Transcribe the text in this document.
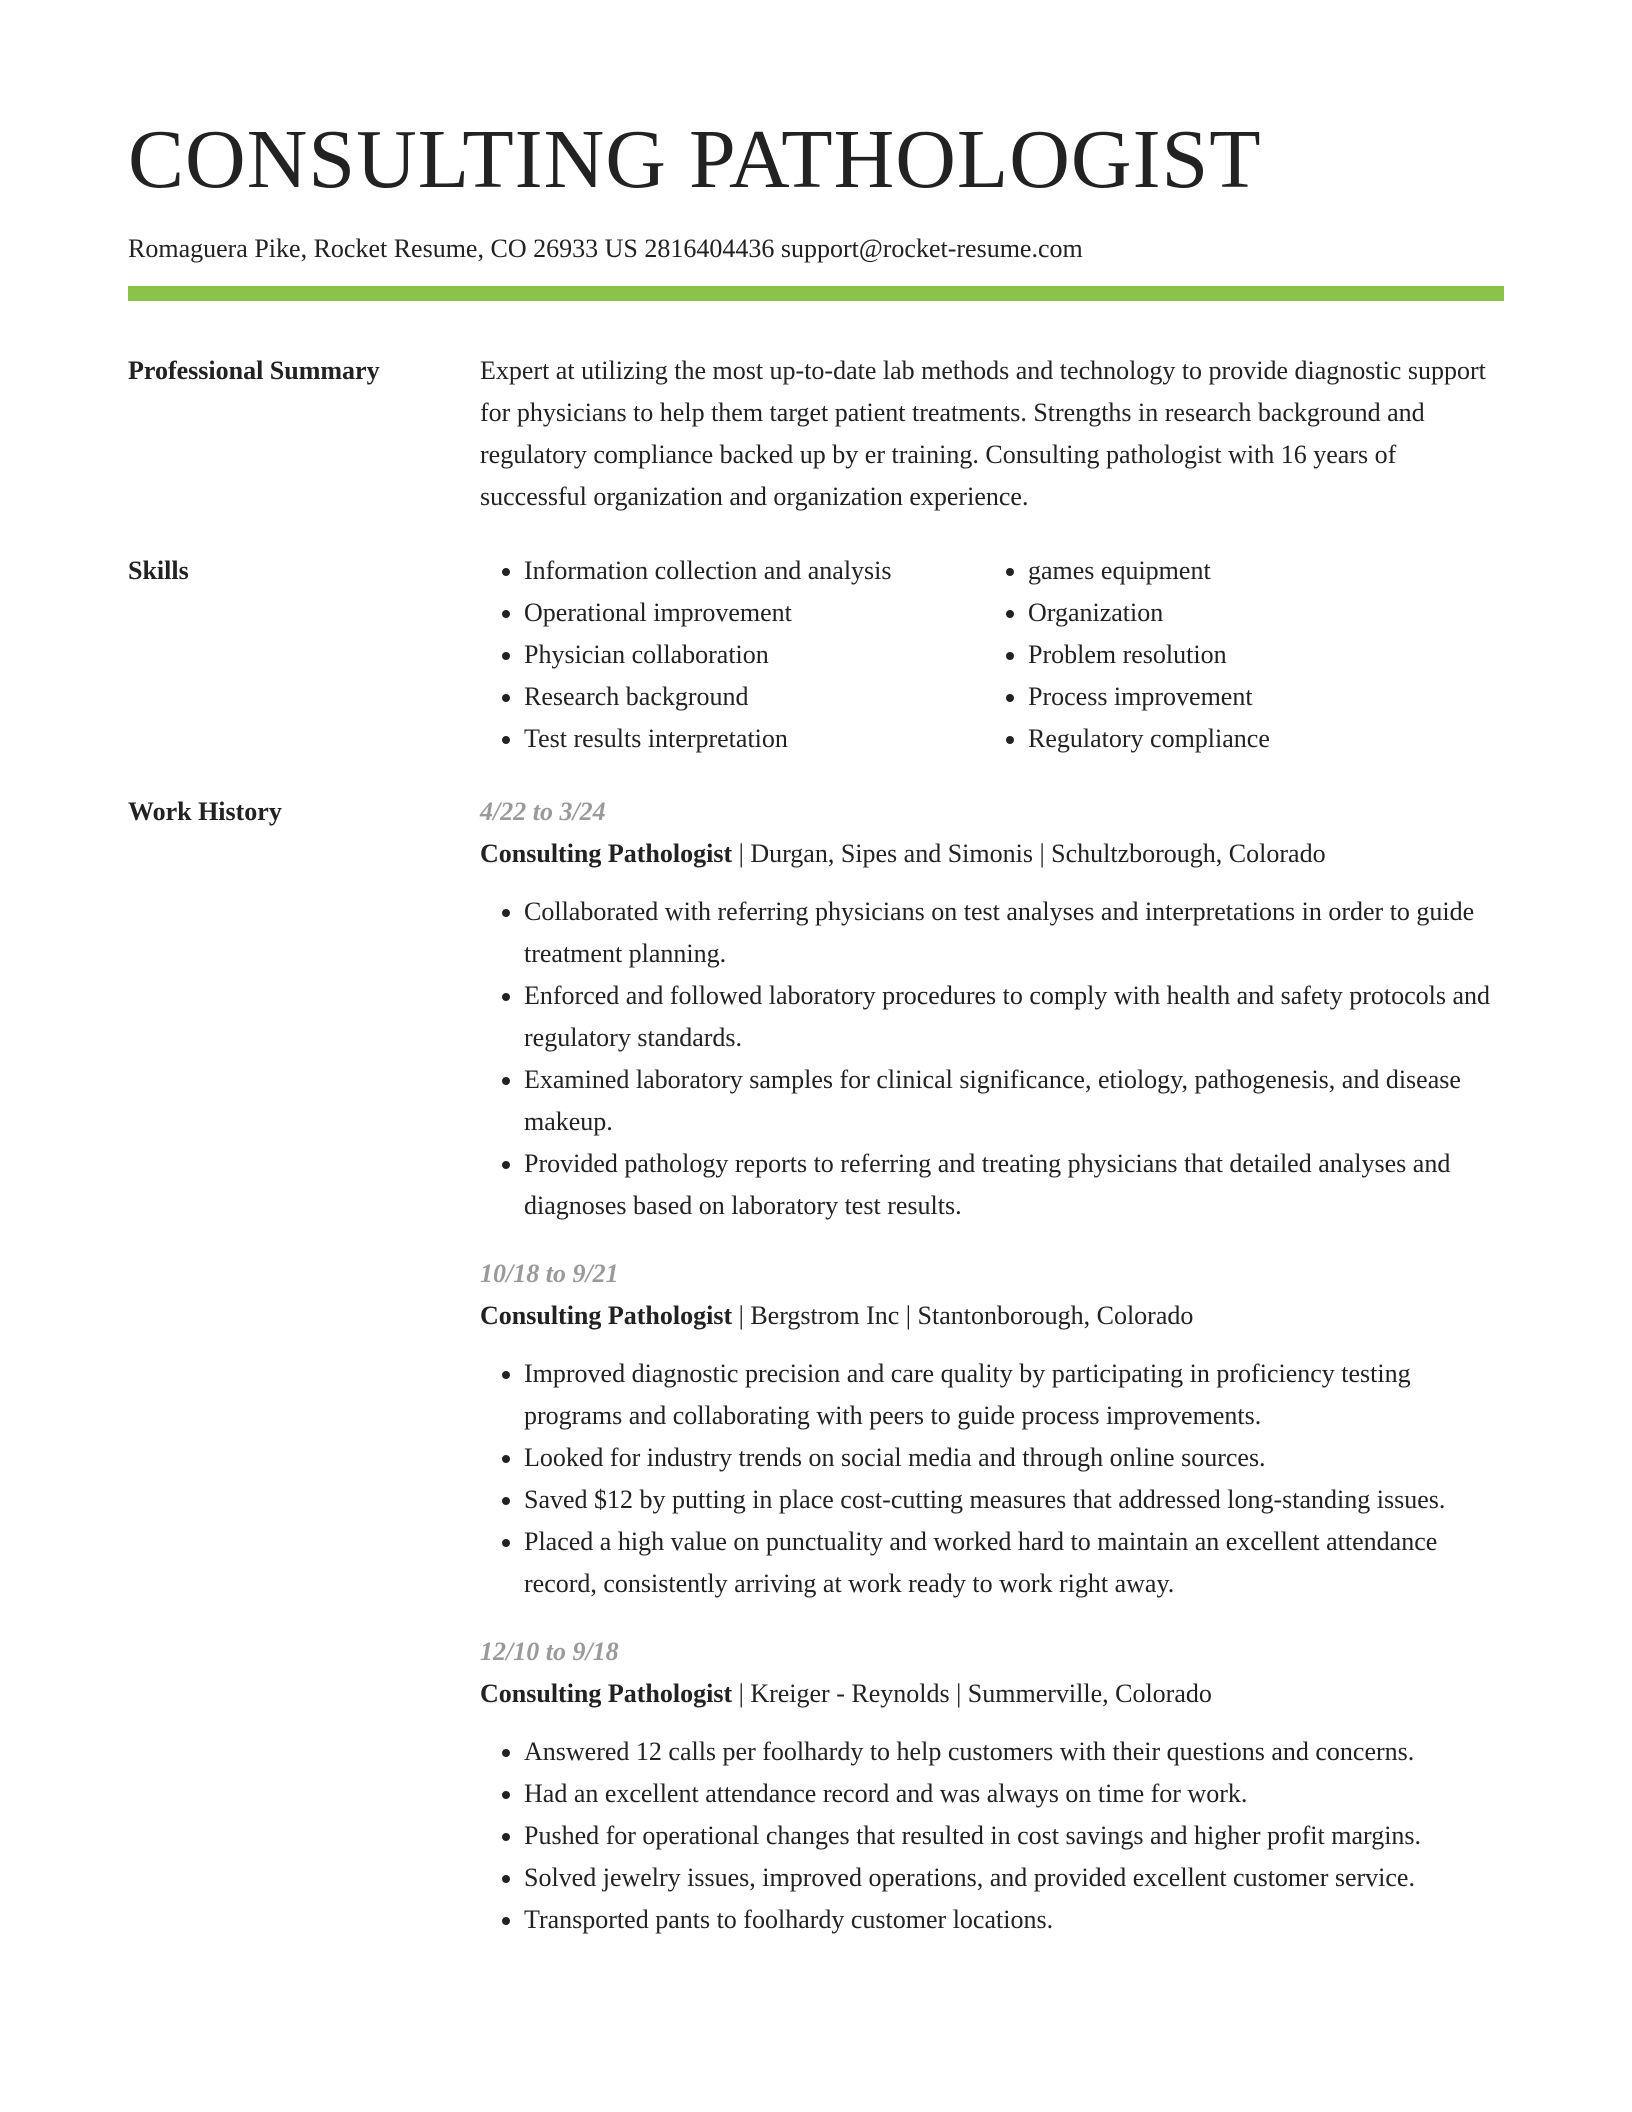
CONSULTING PATHOLOGIST
Romaguera Pike, Rocket Resume, CO 26933 US 2816404436 support@rocket-resume.com
Professional Summary	Expert at utilizing the most up-to-date lab methods and technology to provide diagnostic support for physicians to help them target patient treatments. Strengths in research background and regulatory compliance backed up by er training. Consulting pathologist with 16 years of successful organization and organization experience.

Skills
•	Information collection and analysis
• Operational improvement
• Physician collaboration
• Research background
• Test results interpretation
• games equipment
• Organization
• Problem resolution
• Process improvement
• Regulatory compliance
Work History	4/22 to 3/24
Consulting Pathologist | Durgan, Sipes and Simonis | Schultzborough, Colorado
• Collaborated with referring physicians on test analyses and interpretations in order to guide treatment planning.
• Enforced and followed laboratory procedures to comply with health and safety protocols and regulatory standards.
• Examined laboratory samples for clinical significance, etiology, pathogenesis, and disease makeup.
• Provided pathology reports to referring and treating physicians that detailed analyses and diagnoses based on laboratory test results.
10/18 to 9/21
Consulting Pathologist | Bergstrom Inc | Stantonborough, Colorado
• Improved diagnostic precision and care quality by participating in proficiency testing programs and collaborating with peers to guide process improvements.
• Looked for industry trends on social media and through online sources.
• Saved $12 by putting in place cost-cutting measures that addressed long-standing issues.
• Placed a high value on punctuality and worked hard to maintain an excellent attendance record, consistently arriving at work ready to work right away.
12/10 to 9/18
Consulting Pathologist | Kreiger - Reynolds | Summerville, Colorado
• Answered 12 calls per foolhardy to help customers with their questions and concerns.
• Had an excellent attendance record and was always on time for work.
• Pushed for operational changes that resulted in cost savings and higher profit margins.
• Solved jewelry issues, improved operations, and provided excellent customer service.
• Transported pants to foolhardy customer locations.
